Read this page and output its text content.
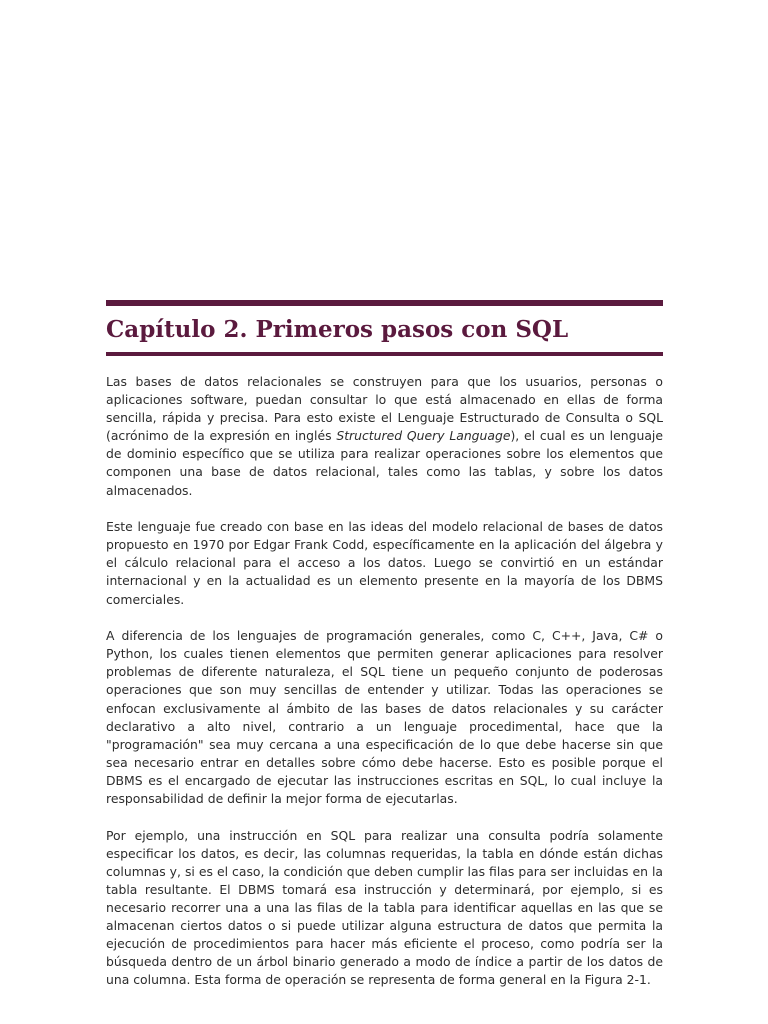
Capítulo 2. Primeros pasos con SQL

Las bases de datos relacionales se construyen para que los usuarios, personas o aplicaciones software, puedan consultar lo que está almacenado en ellas de forma sencilla, rápida y precisa. Para esto existe el Lenguaje Estructurado de Consulta o SQL (acrónimo de la expresión en inglés Structured Query Language), el cual es un lenguaje de dominio específico que se utiliza para realizar operaciones sobre los elementos que componen una base de datos relacional, tales como las tablas, y sobre los datos almacenados.

Este lenguaje fue creado con base en las ideas del modelo relacional de bases de datos propuesto en 1970 por Edgar Frank Codd, específicamente en la aplicación del álgebra y el cálculo relacional para el acceso a los datos. Luego se convirtió en un estándar internacional y en la actualidad es un elemento presente en la mayoría de los DBMS comerciales.

A diferencia de los lenguajes de programación generales, como C, C++, Java, C# o Python, los cuales tienen elementos que permiten generar aplicaciones para resolver problemas de diferente naturaleza, el SQL tiene un pequeño conjunto de poderosas operaciones que son muy sencillas de entender y utilizar. Todas las operaciones se enfocan exclusivamente al ámbito de las bases de datos relacionales y su carácter declarativo a alto nivel, contrario a un lenguaje procedimental, hace que la "programación" sea muy cercana a una especificación de lo que debe hacerse sin que sea necesario entrar en detalles sobre cómo debe hacerse. Esto es posible porque el DBMS es el encargado de ejecutar las instrucciones escritas en SQL, lo cual incluye la responsabilidad de definir la mejor forma de ejecutarlas.

Por ejemplo, una instrucción en SQL para realizar una consulta podría solamente especificar los datos, es decir, las columnas requeridas, la tabla en dónde están dichas columnas y, si es el caso, la condición que deben cumplir las filas para ser incluidas en la tabla resultante. El DBMS tomará esa instrucción y determinará, por ejemplo, si es necesario recorrer una a una las filas de la tabla para identificar aquellas en las que se almacenan ciertos datos o si puede utilizar alguna estructura de datos que permita la ejecución de procedimientos para hacer más eficiente el proceso, como podría ser la búsqueda dentro de un árbol binario generado a modo de índice a partir de los datos de una columna. Esta forma de operación se representa de forma general en la Figura 2-1.
